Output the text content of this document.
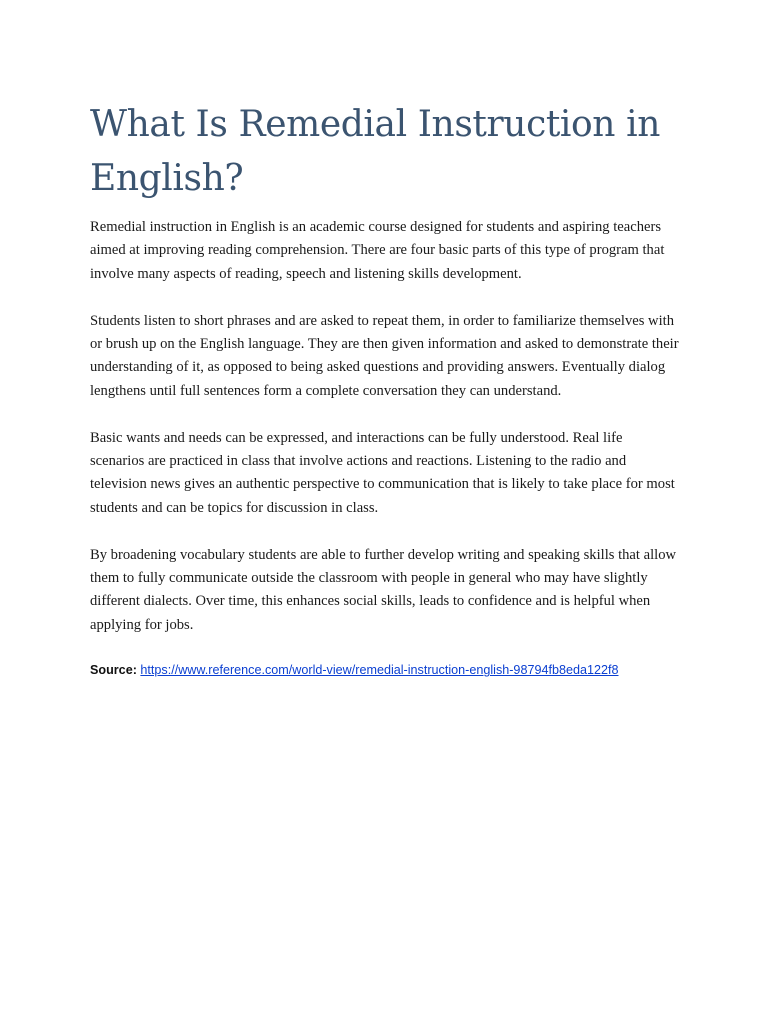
What Is Remedial Instruction in English?

Remedial instruction in English is an academic course designed for students and aspiring teachers aimed at improving reading comprehension. There are four basic parts of this type of program that involve many aspects of reading, speech and listening skills development.

Students listen to short phrases and are asked to repeat them, in order to familiarize themselves with or brush up on the English language. They are then given information and asked to demonstrate their understanding of it, as opposed to being asked questions and providing answers. Eventually dialog lengthens until full sentences form a complete conversation they can understand.

Basic wants and needs can be expressed, and interactions can be fully understood. Real life scenarios are practiced in class that involve actions and reactions. Listening to the radio and television news gives an authentic perspective to communication that is likely to take place for most students and can be topics for discussion in class.

By broadening vocabulary students are able to further develop writing and speaking skills that allow them to fully communicate outside the classroom with people in general who may have slightly different dialects. Over time, this enhances social skills, leads to confidence and is helpful when applying for jobs.

Source: https://www.reference.com/world-view/remedial-instruction-english-98794fb8eda122f8
